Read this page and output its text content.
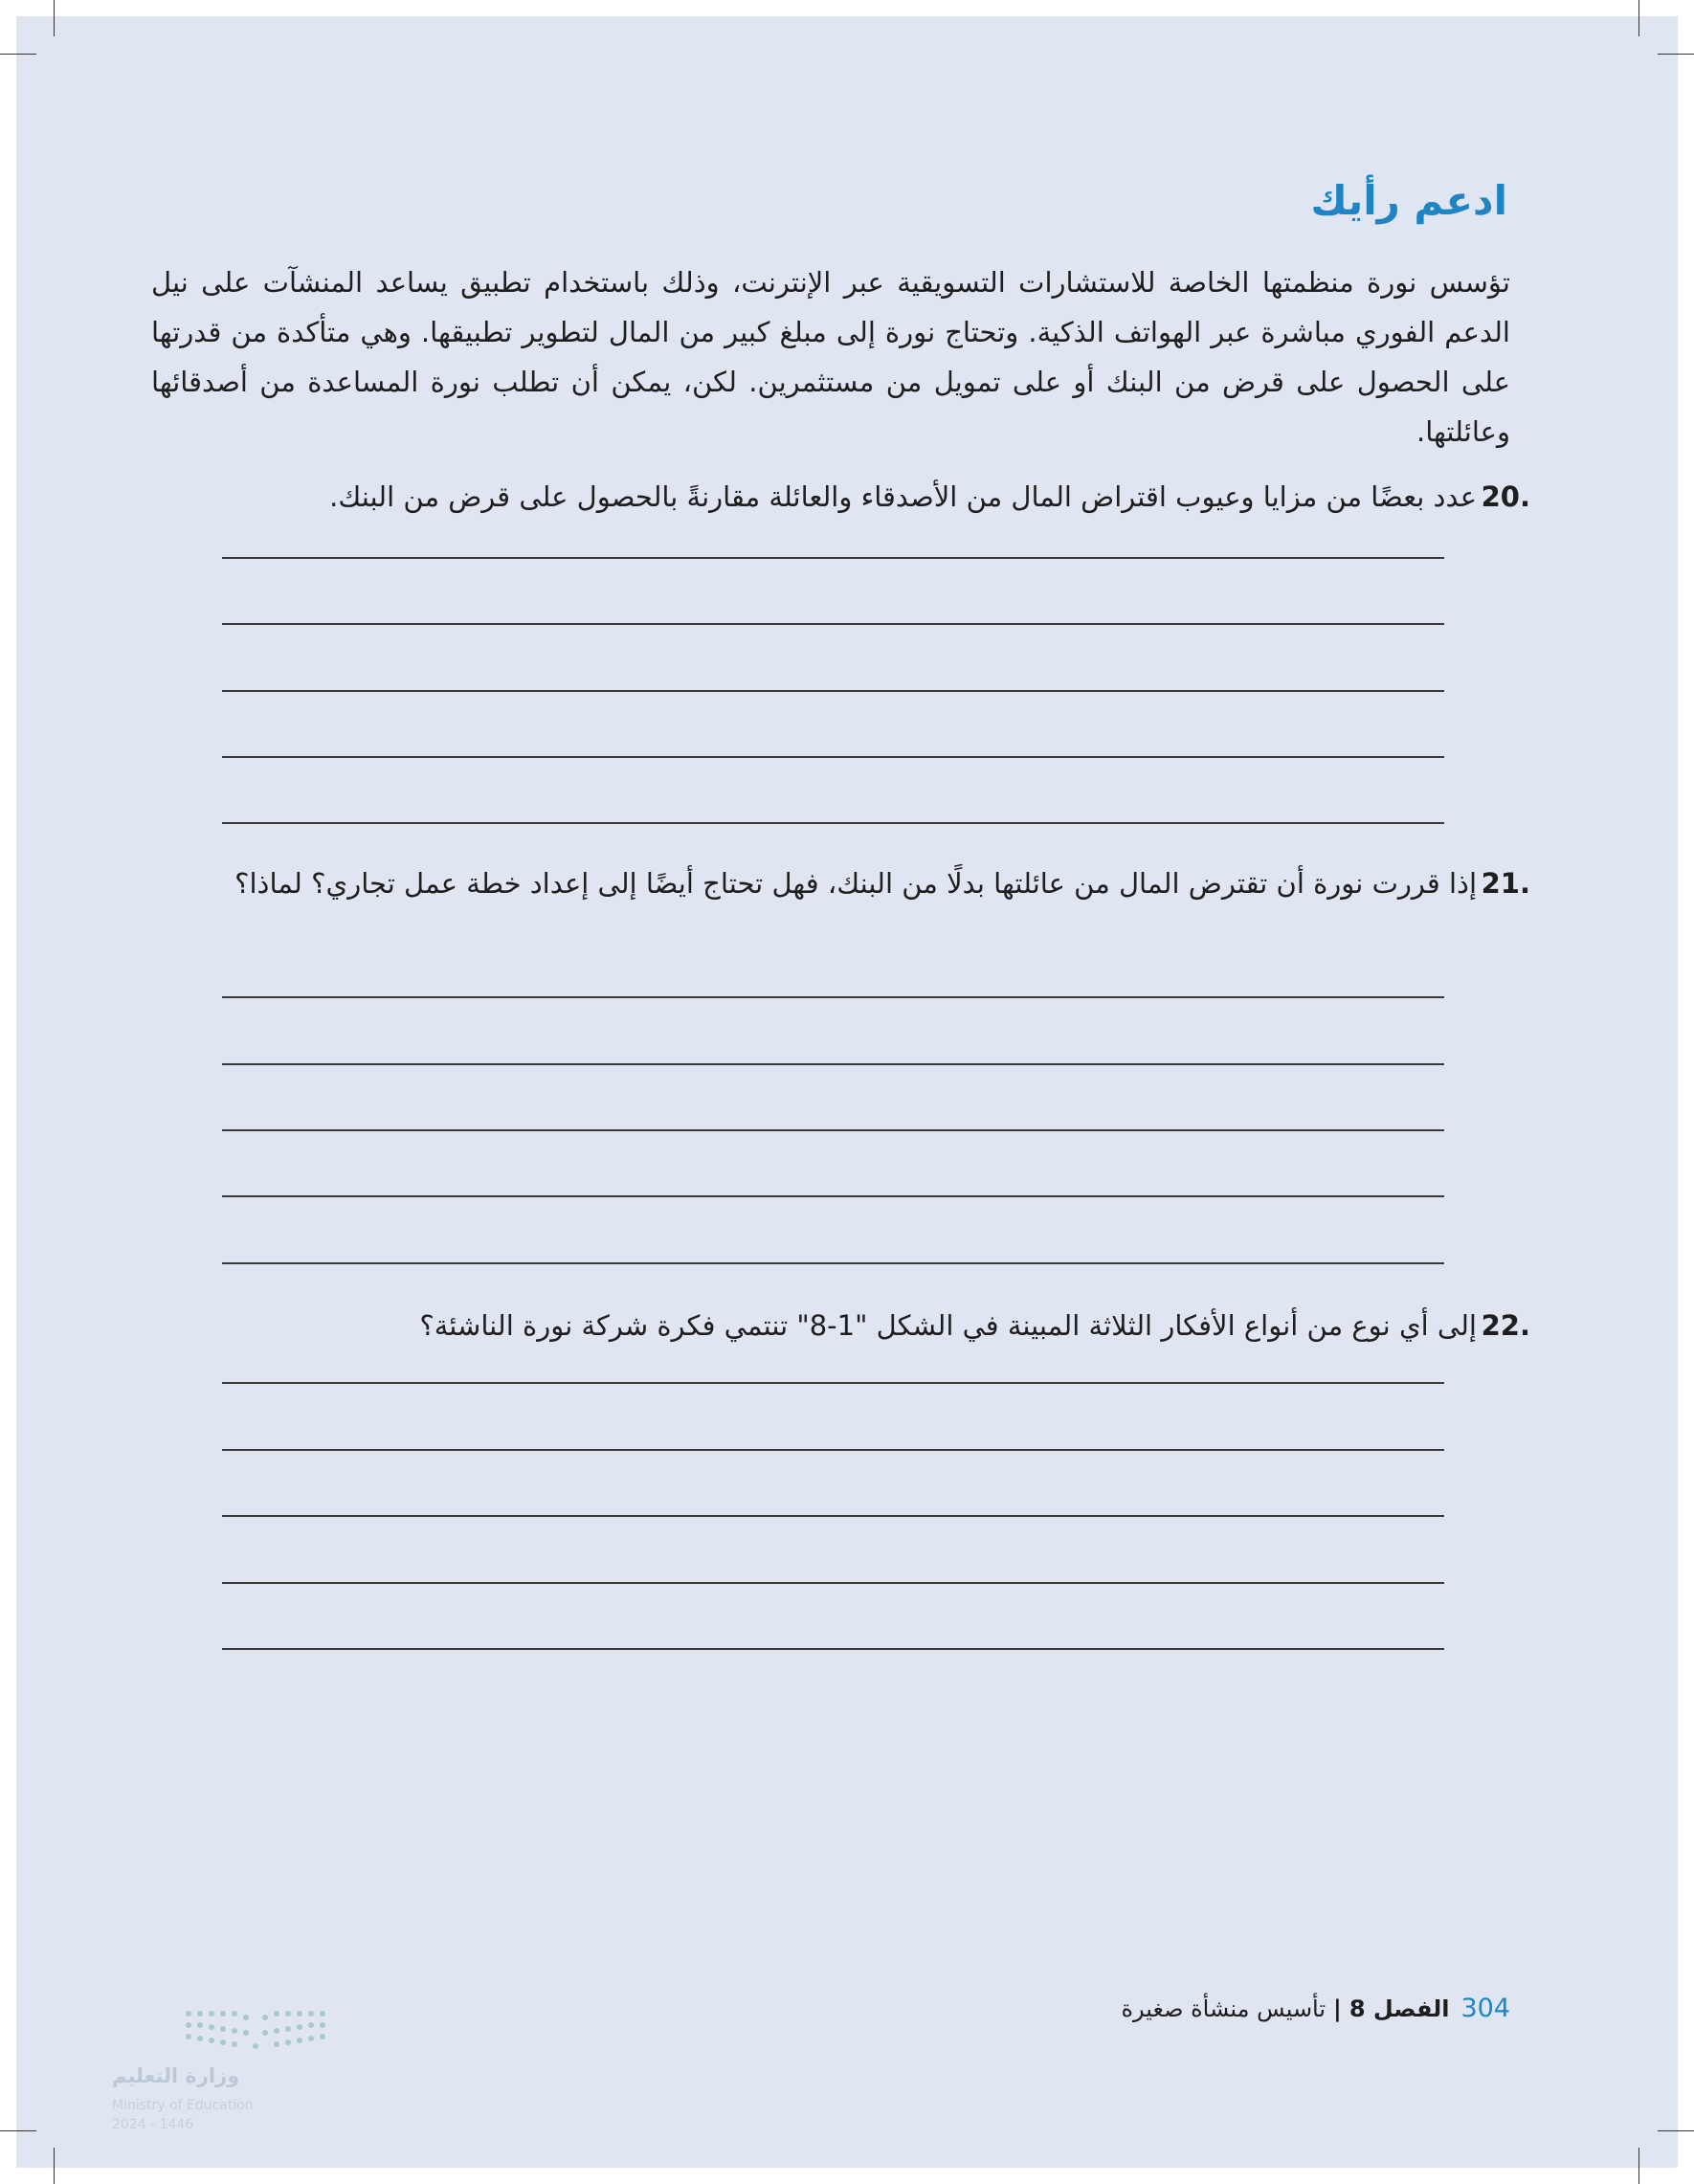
ادعم رأيك

تؤسس نورة منظمتها الخاصة للاستشارات التسويقية عبر الإنترنت، وذلك باستخدام تطبيق يساعد المنشآت على نيل الدعم الفوري مباشرة عبر الهواتف الذكية. وتحتاج نورة إلى مبلغ كبير من المال لتطوير تطبيقها. وهي متأكدة من قدرتها على الحصول على قرض من البنك أو على تمويل من مستثمرين. لكن، يمكن أن تطلب نورة المساعدة من أصدقائها وعائلتها.

20.
عدد بعضًا من مزايا وعيوب اقتراض المال من الأصدقاء والعائلة مقارنةً بالحصول على قرض من البنك.
21.
إذا قررت نورة أن تقترض المال من عائلتها بدلًا من البنك، فهل تحتاج أيضًا إلى إعداد خطة عمل تجاري؟ لماذا؟
22.
إلى أي نوع من أنواع الأفكار الثلاثة المبينة في الشكل "1-8" تنتمي فكرة شركة نورة الناشئة؟
304الفصل 8|تأسيس منشأة صغيرة
وزارة التعليم
Ministry of Education
2024 - 1446
